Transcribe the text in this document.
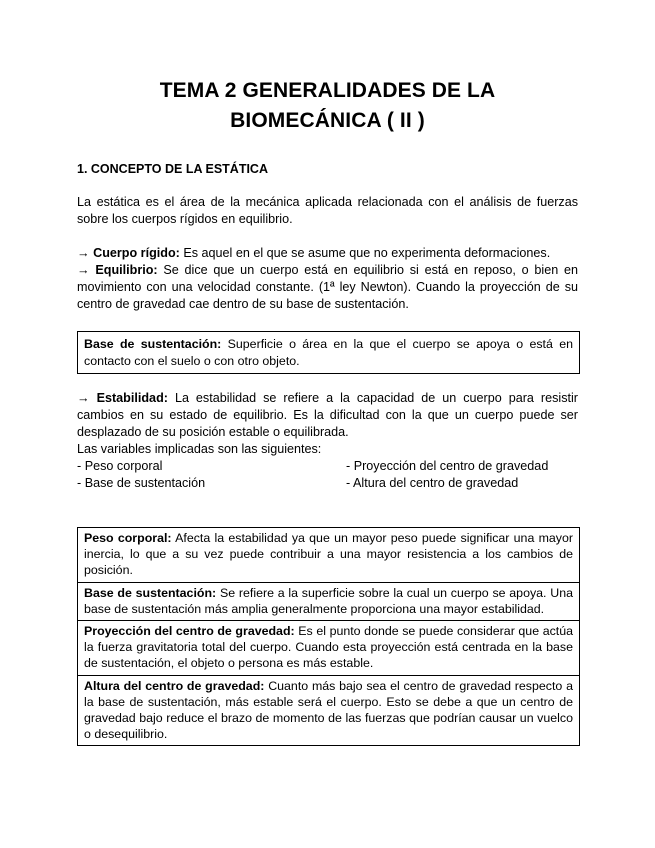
TEMA 2 GENERALIDADES DE LA
BIOMECÁNICA ( II )
1. CONCEPTO DE LA ESTÁTICA

La estática es el área de la mecánica aplicada relacionada con el análisis de fuerzas sobre los cuerpos rígidos en equilibrio.

→ Cuerpo rígido: Es aquel en el que se asume que no experimenta deformaciones.

→ Equilibrio: Se dice que un cuerpo está en equilibrio si está en reposo, o bien en movimiento con una velocidad constante. (1ª ley Newton). Cuando la proyección de su centro de gravedad cae dentro de su base de sustentación.

Base de sustentación: Superficie o área en la que el cuerpo se apoya o está en contacto con el suelo o con otro objeto.

→ Estabilidad: La estabilidad se refiere a la capacidad de un cuerpo para resistir cambios en su estado de equilibrio. Es la dificultad con la que un cuerpo puede ser desplazado de su posición estable o equilibrada.

Las variables implicadas son las siguientes:

- Peso corporal	- Proyección del centro de gravedad
- Base de sustentación	- Altura del centro de gravedad
Peso corporal: Afecta la estabilidad ya que un mayor peso puede significar una mayor inercia, lo que a su vez puede contribuir a una mayor resistencia a los cambios de posición.
Base de sustentación: Se refiere a la superficie sobre la cual un cuerpo se apoya. Una base de sustentación más amplia generalmente proporciona una mayor estabilidad.
Proyección del centro de gravedad: Es el punto donde se puede considerar que actúa la fuerza gravitatoria total del cuerpo. Cuando esta proyección está centrada en la base de sustentación, el objeto o persona es más estable.
Altura del centro de gravedad: Cuanto más bajo sea el centro de gravedad respecto a la base de sustentación, más estable será el cuerpo. Esto se debe a que un centro de gravedad bajo reduce el brazo de momento de las fuerzas que podrían causar un vuelco o desequilibrio.
